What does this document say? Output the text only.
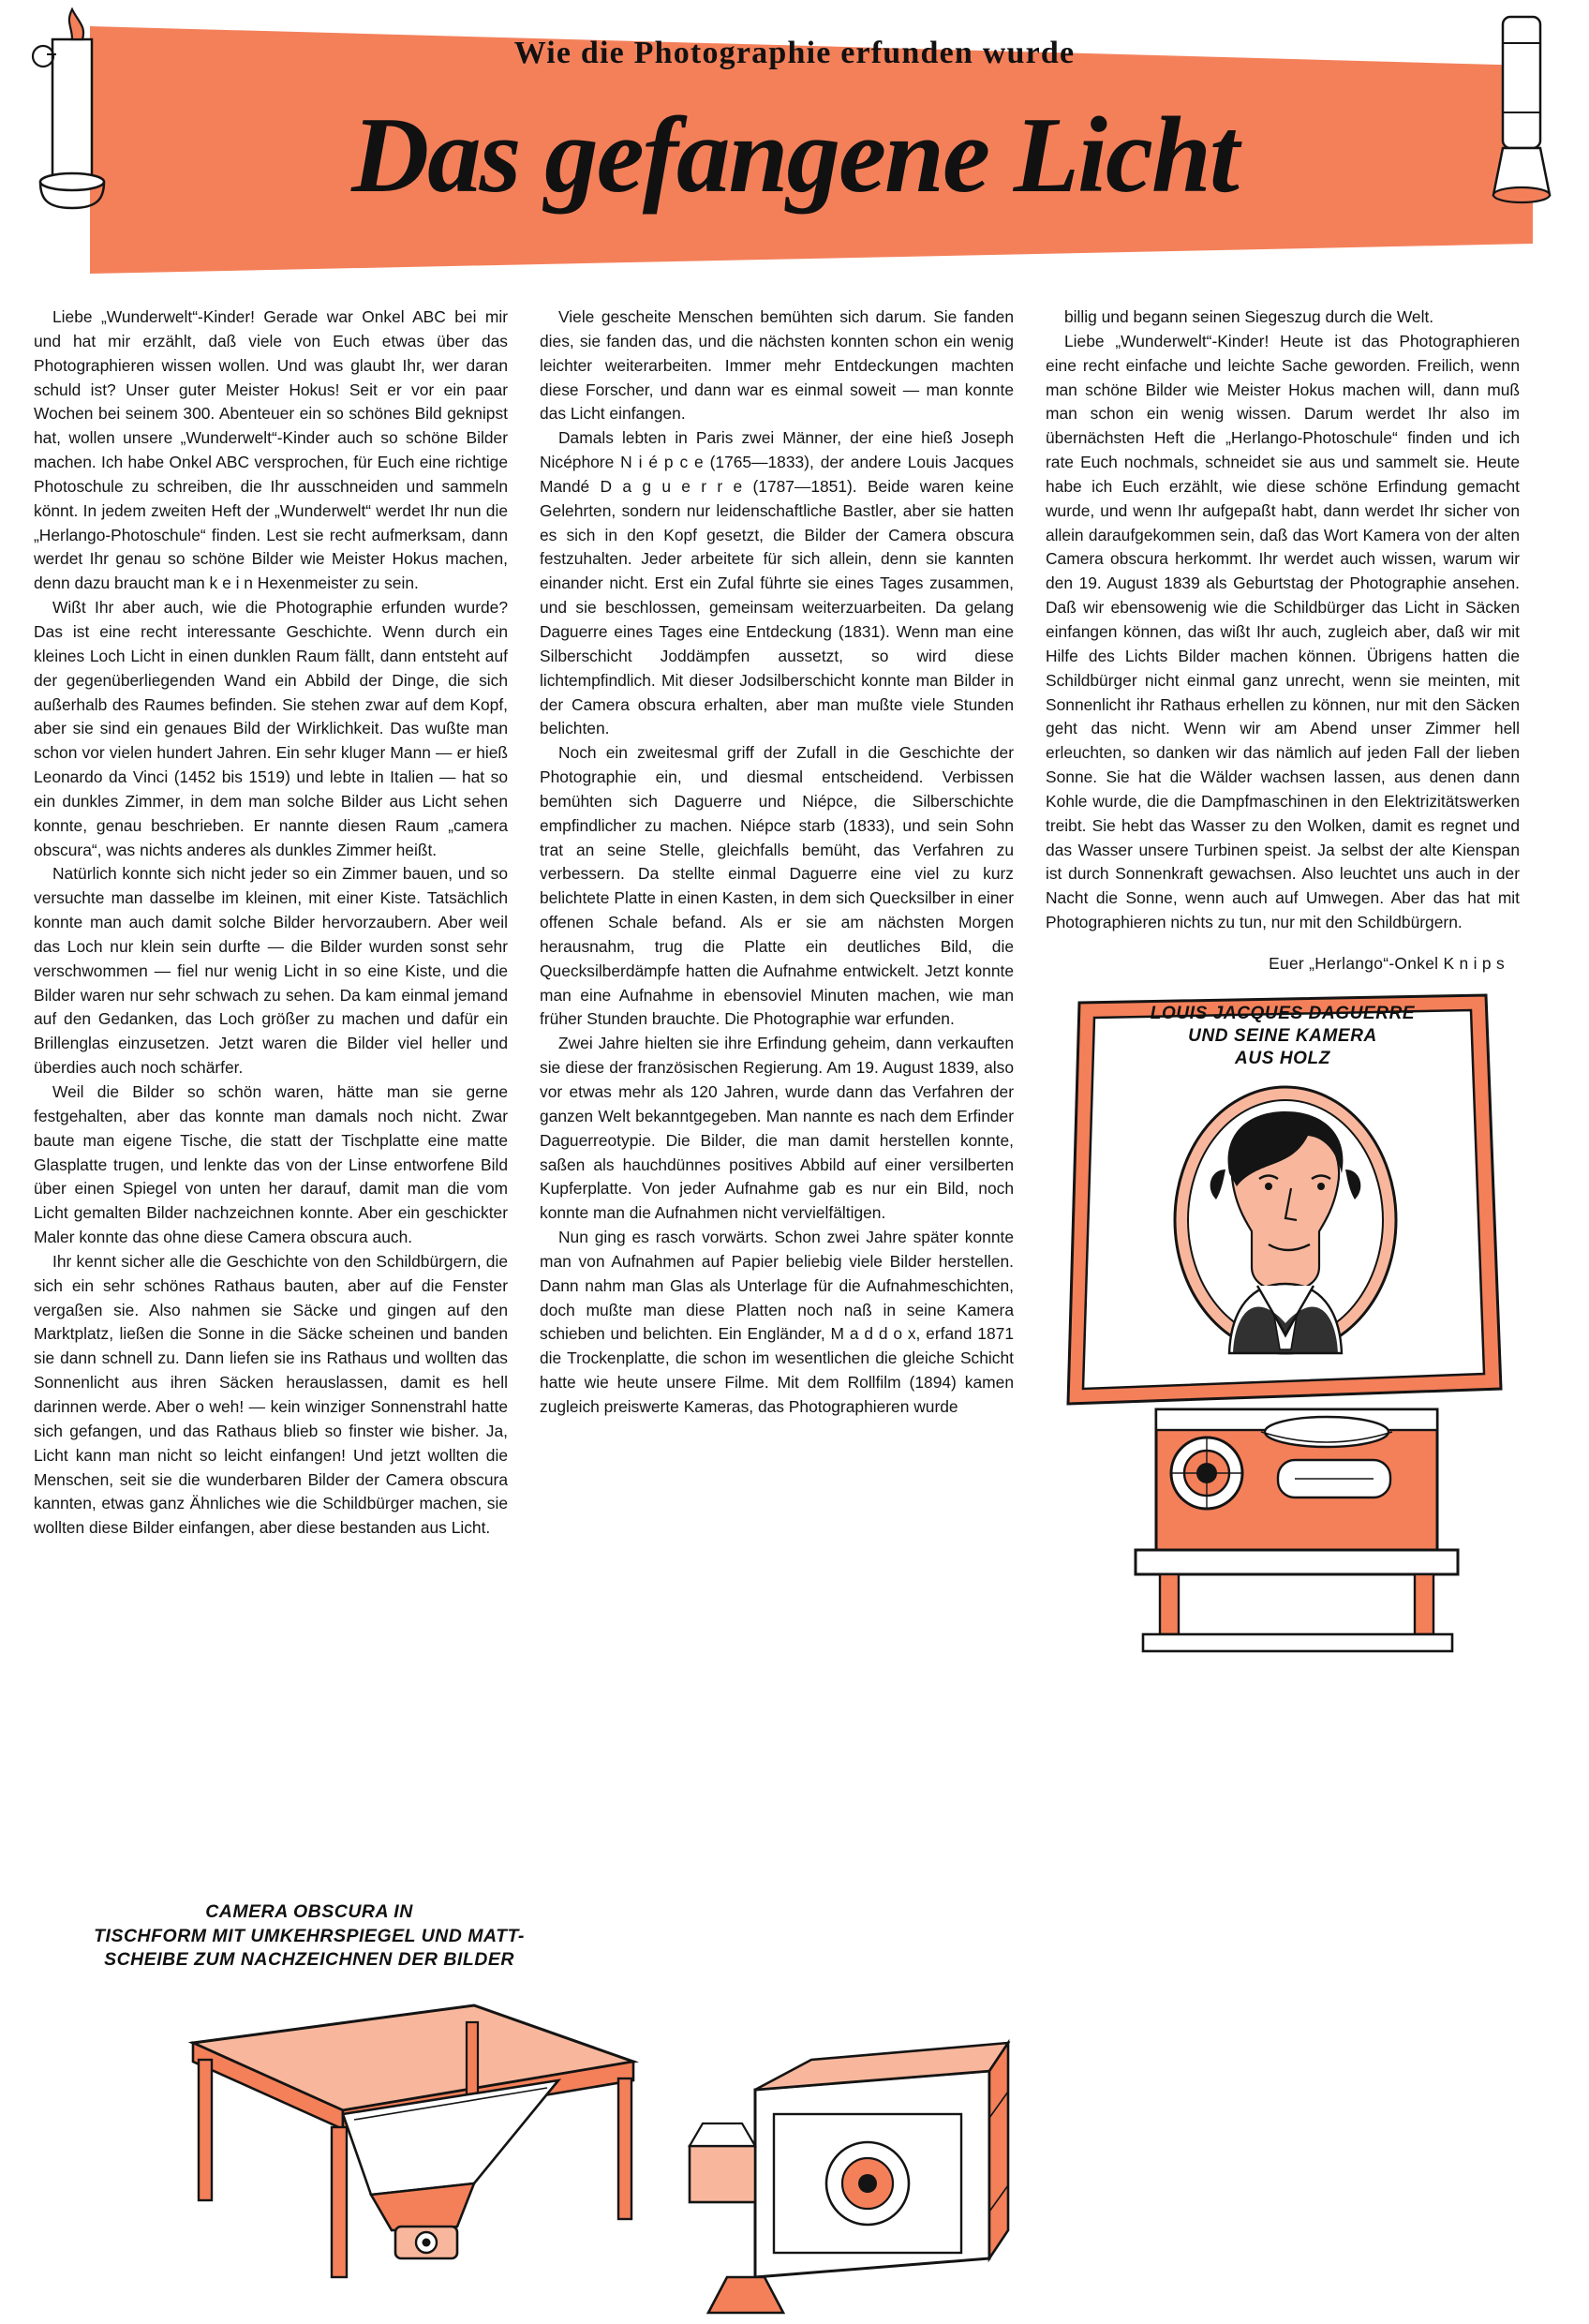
Wie die Photographie erfunden wurde
Das gefangene Licht

Liebe „Wunderwelt“-Kinder! Gerade war Onkel ABC bei mir und hat mir erzählt, daß viele von Euch etwas über das Photographieren wissen wollen. Und was glaubt Ihr, wer daran schuld ist? Unser guter Meister Hokus! Seit er vor ein paar Wochen bei seinem 300. Abenteuer ein so schönes Bild geknipst hat, wollen unsere „Wunderwelt“-Kinder auch so schöne Bilder machen. Ich habe Onkel ABC versprochen, für Euch eine richtige Photoschule zu schreiben, die Ihr ausschneiden und sammeln könnt. In jedem zweiten Heft der „Wunderwelt“ werdet Ihr nun die „Herlango-Photoschule“ finden. Lest sie recht aufmerksam, dann werdet Ihr genau so schöne Bilder wie Meister Hokus machen, denn dazu braucht man k e i n Hexenmeister zu sein.

Wißt Ihr aber auch, wie die Photographie erfunden wurde? Das ist eine recht interessante Geschichte. Wenn durch ein kleines Loch Licht in einen dunklen Raum fällt, dann entsteht auf der gegenüberliegenden Wand ein Abbild der Dinge, die sich außerhalb des Raumes befinden. Sie stehen zwar auf dem Kopf, aber sie sind ein genaues Bild der Wirklichkeit. Das wußte man schon vor vielen hundert Jahren. Ein sehr kluger Mann — er hieß Leonardo da Vinci (1452 bis 1519) und lebte in Italien — hat so ein dunkles Zimmer, in dem man solche Bilder aus Licht sehen konnte, genau beschrieben. Er nannte diesen Raum „camera obscura“, was nichts anderes als dunkles Zimmer heißt.

Natürlich konnte sich nicht jeder so ein Zimmer bauen, und so versuchte man dasselbe im kleinen, mit einer Kiste. Tatsächlich konnte man auch damit solche Bilder hervorzaubern. Aber weil das Loch nur klein sein durfte — die Bilder wurden sonst sehr verschwommen — fiel nur wenig Licht in so eine Kiste, und die Bilder waren nur sehr schwach zu sehen. Da kam einmal jemand auf den Gedanken, das Loch größer zu machen und dafür ein Brillenglas einzusetzen. Jetzt waren die Bilder viel heller und überdies auch noch schärfer.

Weil die Bilder so schön waren, hätte man sie gerne festgehalten, aber das konnte man damals noch nicht. Zwar baute man eigene Tische, die statt der Tischplatte eine matte Glasplatte trugen, und lenkte das von der Linse entworfene Bild über einen Spiegel von unten her darauf, damit man die vom Licht gemalten Bilder nachzeichnen konnte. Aber ein geschickter Maler konnte das ohne diese Camera obscura auch.

Ihr kennt sicher alle die Geschichte von den Schildbürgern, die sich ein sehr schönes Rathaus bauten, aber auf die Fenster vergaßen sie. Also nahmen sie Säcke und gingen auf den Marktplatz, ließen die Sonne in die Säcke scheinen und banden sie dann schnell zu. Dann liefen sie ins Rathaus und wollten das Sonnenlicht aus ihren Säcken herauslassen, damit es hell darinnen werde. Aber o weh! — kein winziger Sonnenstrahl hatte sich gefangen, und das Rathaus blieb so finster wie bisher. Ja, Licht kann man nicht so leicht einfangen! Und jetzt wollten die Menschen, seit sie die wunderbaren Bilder der Camera obscura kannten, etwas ganz Ähnliches wie die Schildbürger machen, sie wollten diese Bilder einfangen, aber diese bestanden aus Licht.

Viele gescheite Menschen bemühten sich darum. Sie fanden dies, sie fanden das, und die nächsten konnten schon ein wenig leichter weiterarbeiten. Immer mehr Entdeckungen machten diese Forscher, und dann war es einmal soweit — man konnte das Licht einfangen.

Damals lebten in Paris zwei Männer, der eine hieß Joseph Nicéphore N i é p c e (1765—1833), der andere Louis Jacques Mandé D a g u e r r e (1787—1851). Beide waren keine Gelehrten, sondern nur leidenschaftliche Bastler, aber sie hatten es sich in den Kopf gesetzt, die Bilder der Camera obscura festzuhalten. Jeder arbeitete für sich allein, denn sie kannten einander nicht. Erst ein Zufal führte sie eines Tages zusammen, und sie beschlossen, gemeinsam weiterzuarbeiten. Da gelang Daguerre eines Tages eine Entdeckung (1831). Wenn man eine Silberschicht Joddämpfen aussetzt, so wird diese lichtempfindlich. Mit dieser Jodsilberschicht konnte man Bilder in der Camera obscura erhalten, aber man mußte viele Stunden belichten.

Noch ein zweitesmal griff der Zufall in die Geschichte der Photographie ein, und diesmal entscheidend. Verbissen bemühten sich Daguerre und Niépce, die Silberschichte empfindlicher zu machen. Niépce starb (1833), und sein Sohn trat an seine Stelle, gleichfalls bemüht, das Verfahren zu verbessern. Da stellte einmal Daguerre eine viel zu kurz belichtete Platte in einen Kasten, in dem sich Quecksilber in einer offenen Schale befand. Als er sie am nächsten Morgen herausnahm, trug die Platte ein deutliches Bild, die Quecksilberdämpfe hatten die Aufnahme entwickelt. Jetzt konnte man eine Aufnahme in ebensoviel Minuten machen, wie man früher Stunden brauchte. Die Photographie war erfunden.

Zwei Jahre hielten sie ihre Erfindung geheim, dann verkauften sie diese der französischen Regierung. Am 19. August 1839, also vor etwas mehr als 120 Jahren, wurde dann das Verfahren der ganzen Welt bekanntgegeben. Man nannte es nach dem Erfinder Daguerreotypie. Die Bilder, die man damit herstellen konnte, saßen als hauchdünnes positives Abbild auf einer versilberten Kupferplatte. Von jeder Aufnahme gab es nur ein Bild, noch konnte man die Aufnahmen nicht vervielfältigen.

Nun ging es rasch vorwärts. Schon zwei Jahre später konnte man von Aufnahmen auf Papier beliebig viele Bilder herstellen. Dann nahm man Glas als Unterlage für die Aufnahmeschichten, doch mußte man diese Platten noch naß in seine Kamera schieben und belichten. Ein Engländer, M a d d o x, erfand 1871 die Trockenplatte, die schon im wesentlichen die gleiche Schicht hatte wie heute unsere Filme. Mit dem Rollfilm (1894) kamen zugleich preiswerte Kameras, das Photographieren wurde

billig und begann seinen Siegeszug durch die Welt.

Liebe „Wunderwelt“-Kinder! Heute ist das Photographieren eine recht einfache und leichte Sache geworden. Freilich, wenn man schöne Bilder wie Meister Hokus machen will, dann muß man schon ein wenig wissen. Darum werdet Ihr also im übernächsten Heft die „Herlango-Photoschule“ finden und ich rate Euch nochmals, schneidet sie aus und sammelt sie. Heute habe ich Euch erzählt, wie diese schöne Erfindung gemacht wurde, und wenn Ihr aufgepaßt habt, dann werdet Ihr sicher von allein daraufgekommen sein, daß das Wort Kamera von der alten Camera obscura herkommt. Ihr werdet auch wissen, warum wir den 19. August 1839 als Geburtstag der Photographie ansehen. Daß wir ebensowenig wie die Schildbürger das Licht in Säcken einfangen können, das wißt Ihr auch, zugleich aber, daß wir mit Hilfe des Lichts Bilder machen können. Übrigens hatten die Schildbürger nicht einmal ganz unrecht, wenn sie meinten, mit Sonnenlicht ihr Rathaus erhellen zu können, nur mit den Säcken geht das nicht. Wenn wir am Abend unser Zimmer hell erleuchten, so danken wir das nämlich auf jeden Fall der lieben Sonne. Sie hat die Wälder wachsen lassen, aus denen dann Kohle wurde, die die Dampfmaschinen in den Elektrizitätswerken treibt. Sie hebt das Wasser zu den Wolken, damit es regnet und das Wasser unsere Turbinen speist. Ja selbst der alte Kienspan ist durch Sonnenkraft gewachsen. Also leuchtet uns auch in der Nacht die Sonne, wenn auch auf Umwegen. Aber das hat mit Photographieren nichts zu tun, nur mit den Schildbürgern.

Euer „Herlango“-Onkel K n i p s
LOUIS JACQUES DAGUERRE
UND SEINE KAMERA
AUS HOLZ
CAMERA OBSCURA IN
TISCHFORM MIT UMKEHRSPIEGEL UND MATT-
SCHEIBE ZUM NACHZEICHNEN DER BILDER
